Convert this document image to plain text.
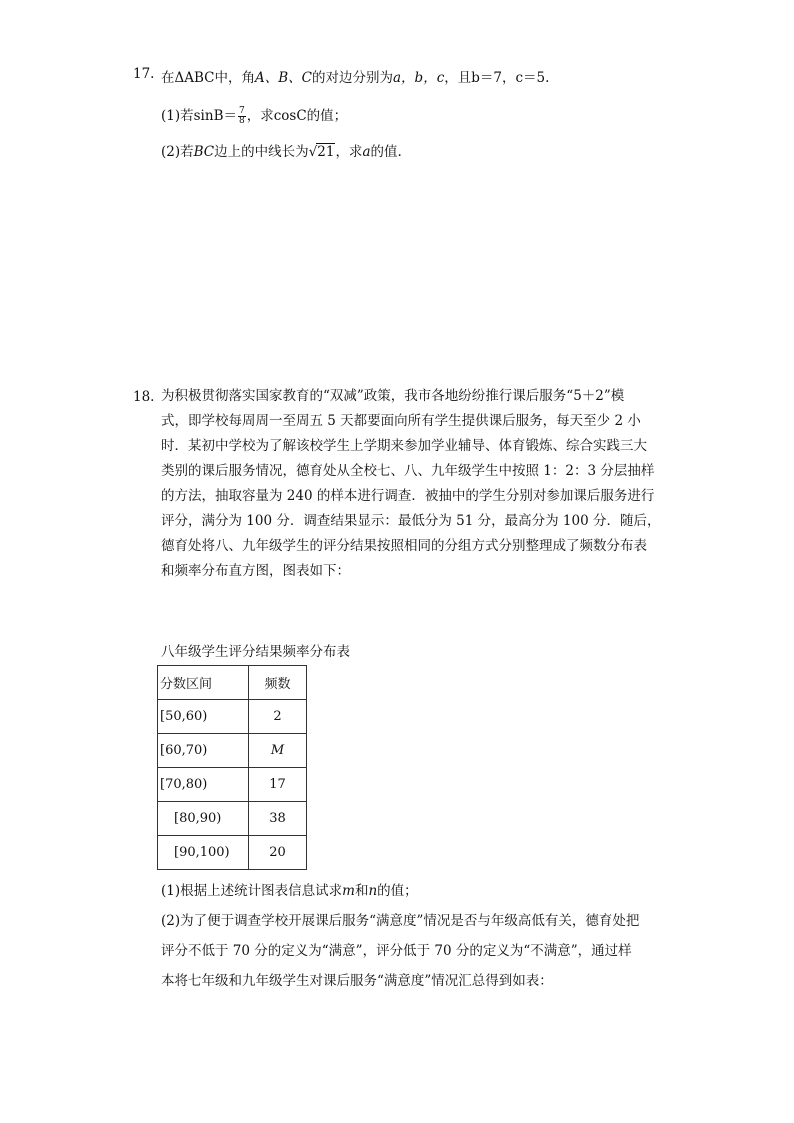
17. 在ΔABC中，角A、B、C的对边分别为a，b，c，且b＝7，c＝5.
(1)若$\sin B= \frac{7}{8}$ ，求cosC的值；
(2)若BC边上的中线长为√21，求a的值.
18. 为积极贯彻落实国家教育的“双减”政策，我市各地纷纷推行课后服务“5＋2”模
式，即学校每周周一至周五 5 天都要面向所有学生提供课后服务，每天至少 2 小
时．某初中学校为了解该校学生上学期来参加学业辅导、体育锻炼、综合实践三大
类别的课后服务情况，德育处从全校七、八、九年级学生中按照 1：2：3 分层抽样
的方法，抽取容量为 240 的样本进行调查．被抽中的学生分别对参加课后服务进行
评分，满分为 100 分．调查结果显示：最低分为 51 分，最高分为 100 分．随后，
德育处将八、九年级学生的评分结果按照相同的分组方式分别整理成了频数分布表
和频率分布直方图，图表如下：
八年级学生评分结果频率分布表
分数区间	频数
[50,60)	2
[60,70)	M
[70,80)	17
[80,90)	38
[90,100)	20
(1)根据上述统计图表信息试求m和n的值；
(2)为了便于调查学校开展课后服务“满意度”情况是否与年级高低有关，德育处把
评分不低于 70 分的定义为“满意”，评分低于 70 分的定义为“不满意”，通过样
本将七年级和九年级学生对课后服务“满意度”情况汇总得到如表：
